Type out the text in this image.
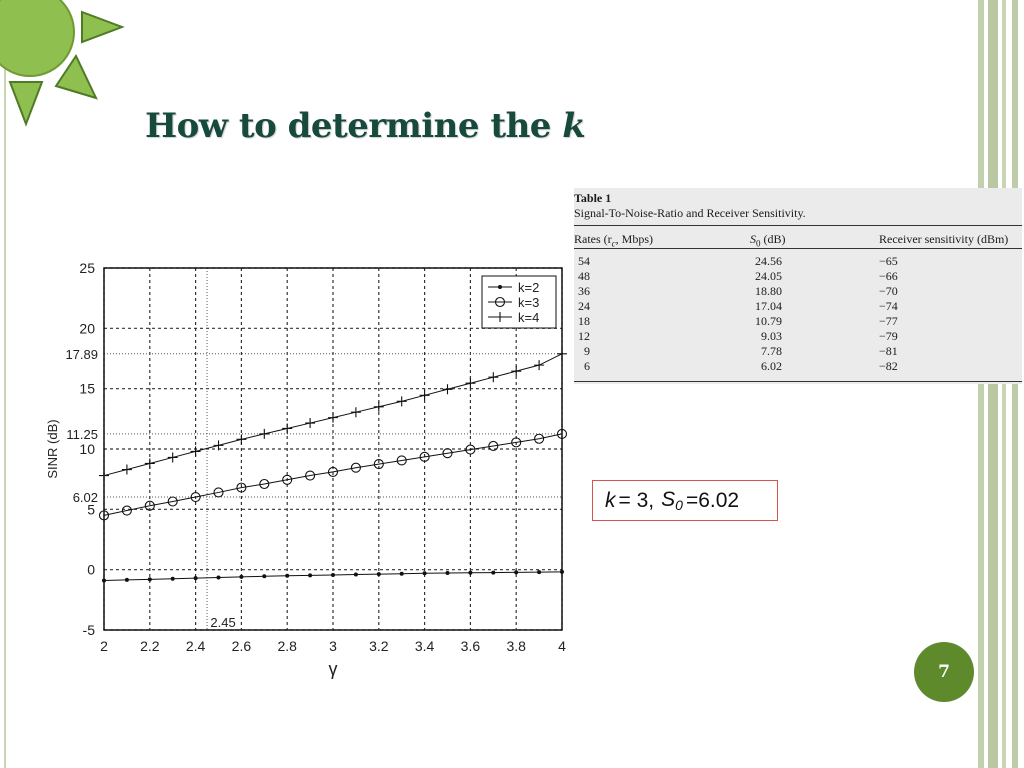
How to determine the k
2 2.2 2.4 2.6 2.8 3 3.2 3.4 3.6 3.8 4
25
20
15
10
5
0
-5
17.89
11.25
6.02
2.45
SINR (dB)
γ
k=2
k=3
k=4
Table 1
Signal-To-Noise-Ratio and Receiver Sensitivity.
Rates ($r_c$, Mbps)	$S_0$ (dB)	Receiver sensitivity (dBm)
54	24.56	−65
48	24.05	−66
36	18.80	−70
24	17.04	−74
18	10.79	−77
12	9.03	−79
9	7.78	−81
6	6.02	−82
k = 3, $S_0 =6.02$
7
